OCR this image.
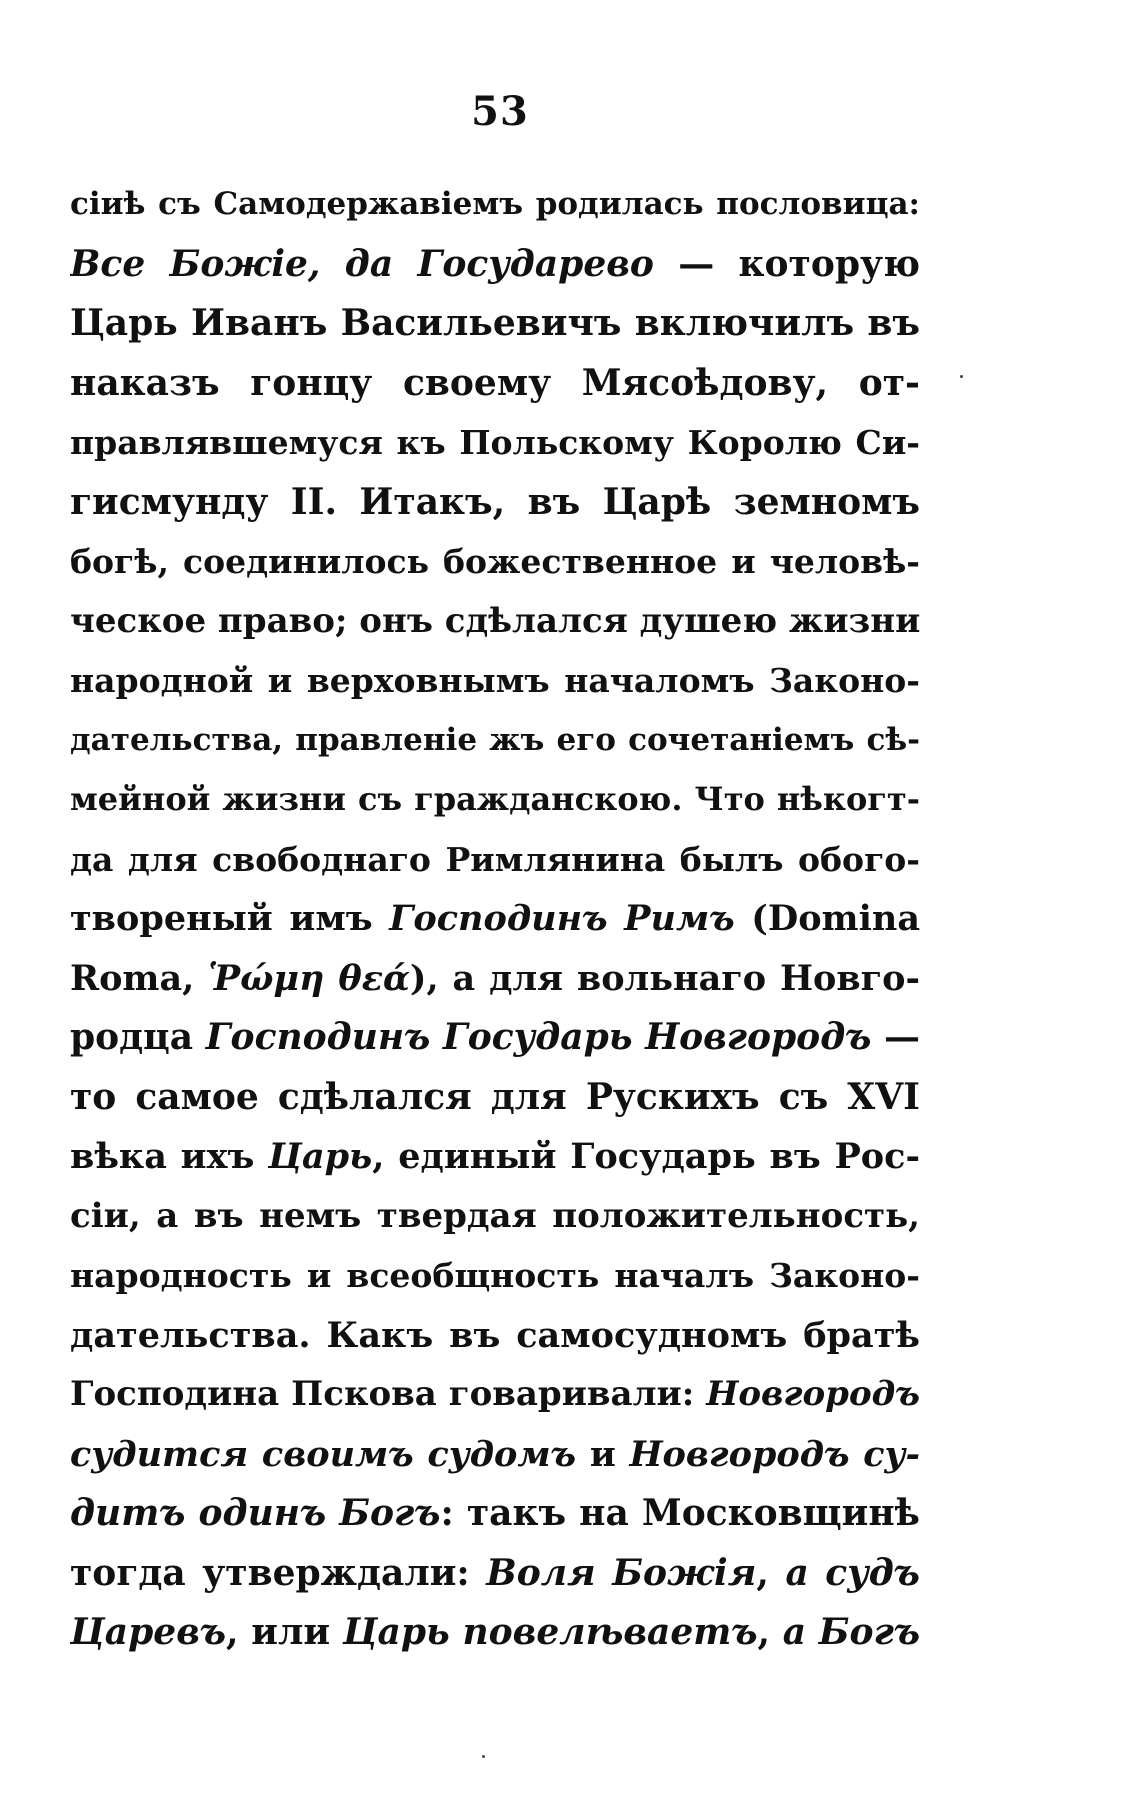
53
сіиѣ съ Самодержавіемъ родилась пословица:
Все Божіе, да Государево — которую
Царь Иванъ Васильевичъ включилъ въ
наказъ гонцу своему Мясоѣдову, от-
правлявшемуся къ Польскому Королю Си-
гисмунду II. Итакъ, въ Царѣ земномъ
богѣ, соединилось божественное и человѣ-
ческое право; онъ сдѣлался душею жизни
народной и верховнымъ началомъ Законо-
дательства, правленіе жъ его сочетаніемъ сѣ-
мейной жизни съ гражданскою. Что нѣкогт-
да для свободнаго Римлянина былъ обого-
твореный имъ Господинъ Римъ (Domina
Roma, Ῥώμη θεά), а для вольнаго Новго-
родца Господинъ Государь Новгородъ —
то самое сдѣлался для Рускихъ съ XVI
вѣка ихъ Царь, единый Государь въ Рос-
сіи, а въ немъ твердая положительность,
народность и всеобщность началъ Законо-
дательства. Какъ въ самосудномъ братѣ
Господина Пскова говаривали: Новгородъ
судится своимъ судомъ и Новгородъ су-
дитъ одинъ Богъ: такъ на Московщинѣ
тогда утверждали: Воля Божія, а судъ
Царевъ, или Царь повелѣваетъ, а Богъ
